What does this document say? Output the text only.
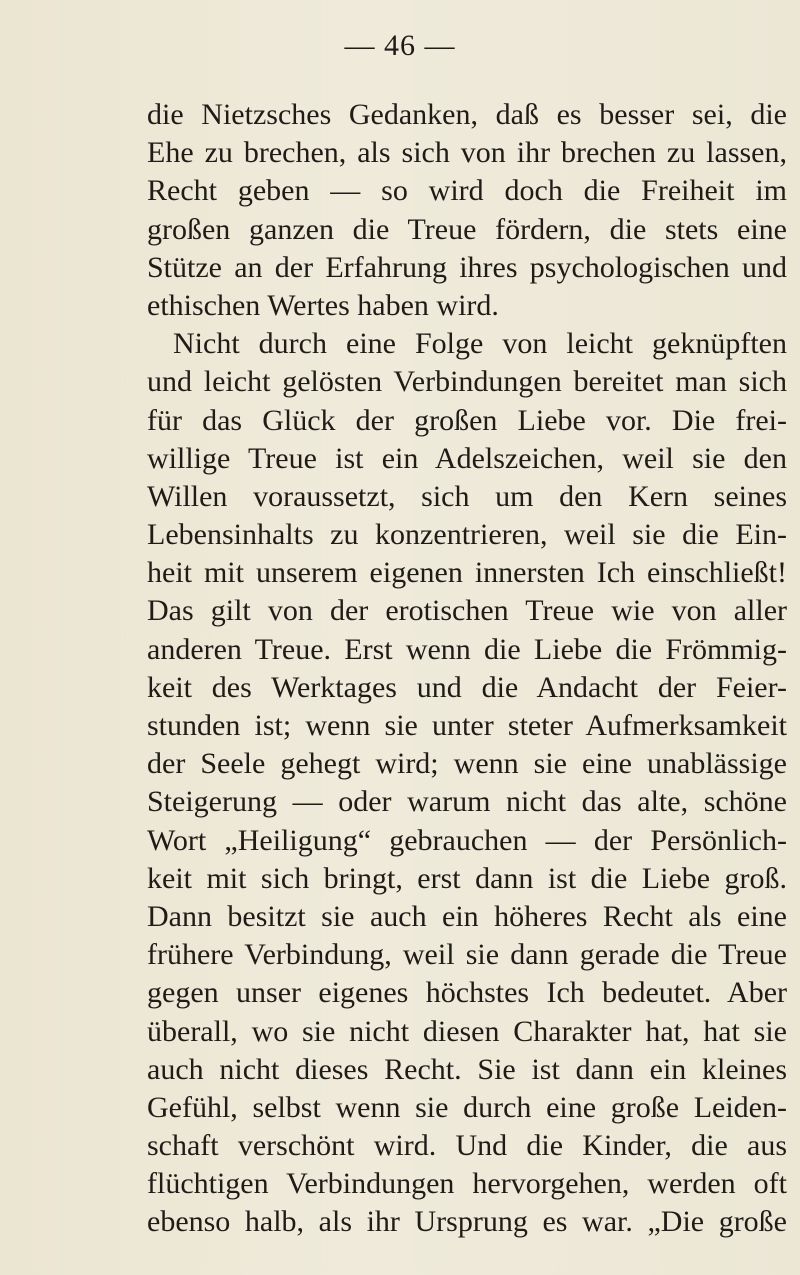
— 46 —
die Nietzsches Gedanken, daß es besser sei, die
Ehe zu brechen, als sich von ihr brechen zu lassen,
Recht geben — so wird doch die Freiheit im
großen ganzen die Treue fördern, die stets eine
Stütze an der Erfahrung ihres psychologischen und
ethischen Wertes haben wird.
Nicht durch eine Folge von leicht geknüpften
und leicht gelösten Verbindungen bereitet man sich
für das Glück der großen Liebe vor. Die frei-
willige Treue ist ein Adelszeichen, weil sie den
Willen voraussetzt, sich um den Kern seines
Lebensinhalts zu konzentrieren, weil sie die Ein-
heit mit unserem eigenen innersten Ich einschließt!
Das gilt von der erotischen Treue wie von aller
anderen Treue. Erst wenn die Liebe die Frömmig-
keit des Werktages und die Andacht der Feier-
stunden ist; wenn sie unter steter Aufmerksamkeit
der Seele gehegt wird; wenn sie eine unablässige
Steigerung — oder warum nicht das alte, schöne
Wort „Heiligung“ gebrauchen — der Persönlich-
keit mit sich bringt, erst dann ist die Liebe groß.
Dann besitzt sie auch ein höheres Recht als eine
frühere Verbindung, weil sie dann gerade die Treue
gegen unser eigenes höchstes Ich bedeutet. Aber
überall, wo sie nicht diesen Charakter hat, hat sie
auch nicht dieses Recht. Sie ist dann ein kleines
Gefühl, selbst wenn sie durch eine große Leiden-
schaft verschönt wird. Und die Kinder, die aus
flüchtigen Verbindungen hervorgehen, werden oft
ebenso halb, als ihr Ursprung es war. „Die große
